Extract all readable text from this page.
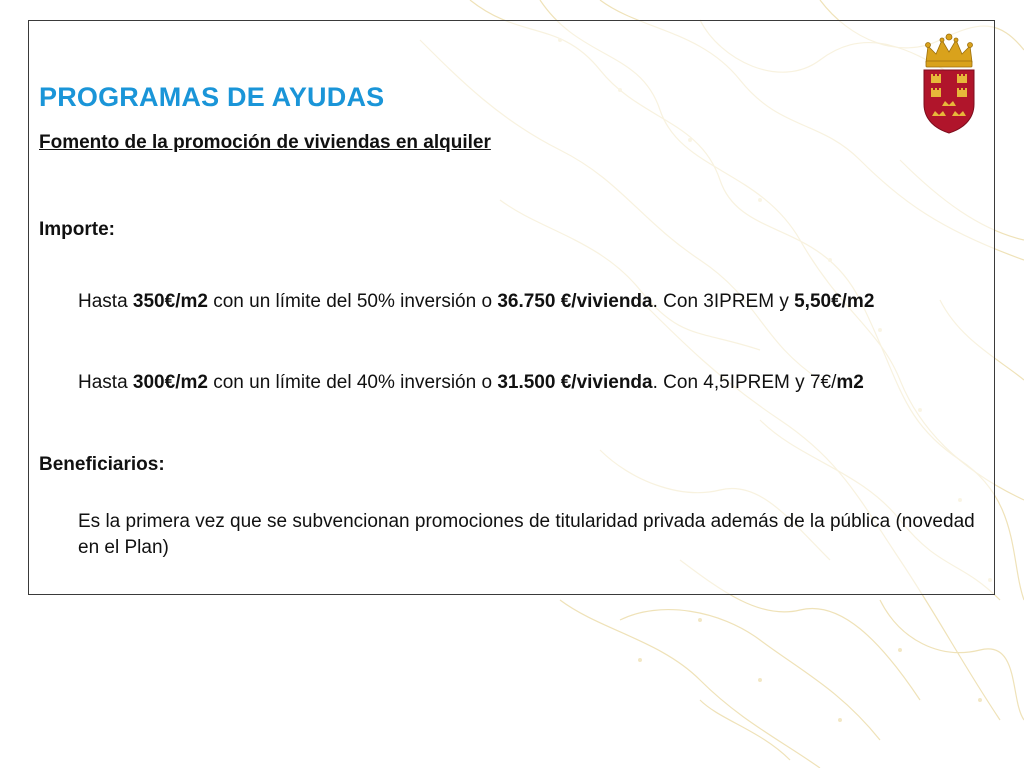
PROGRAMAS DE AYUDAS
Fomento de la promoción de viviendas en alquiler
Importe:

Hasta 350€/m2 con un límite del 50% inversión o 36.750 €/vivienda. Con 3IPREM y 5,50€/m2

Hasta 300€/m2 con un límite del 40% inversión o 31.500 €/vivienda. Con 4,5IPREM y 7€/m2

Beneficiarios:

Es la primera vez que se subvencionan promociones de titularidad privada además de la pública (novedad en el Plan)
